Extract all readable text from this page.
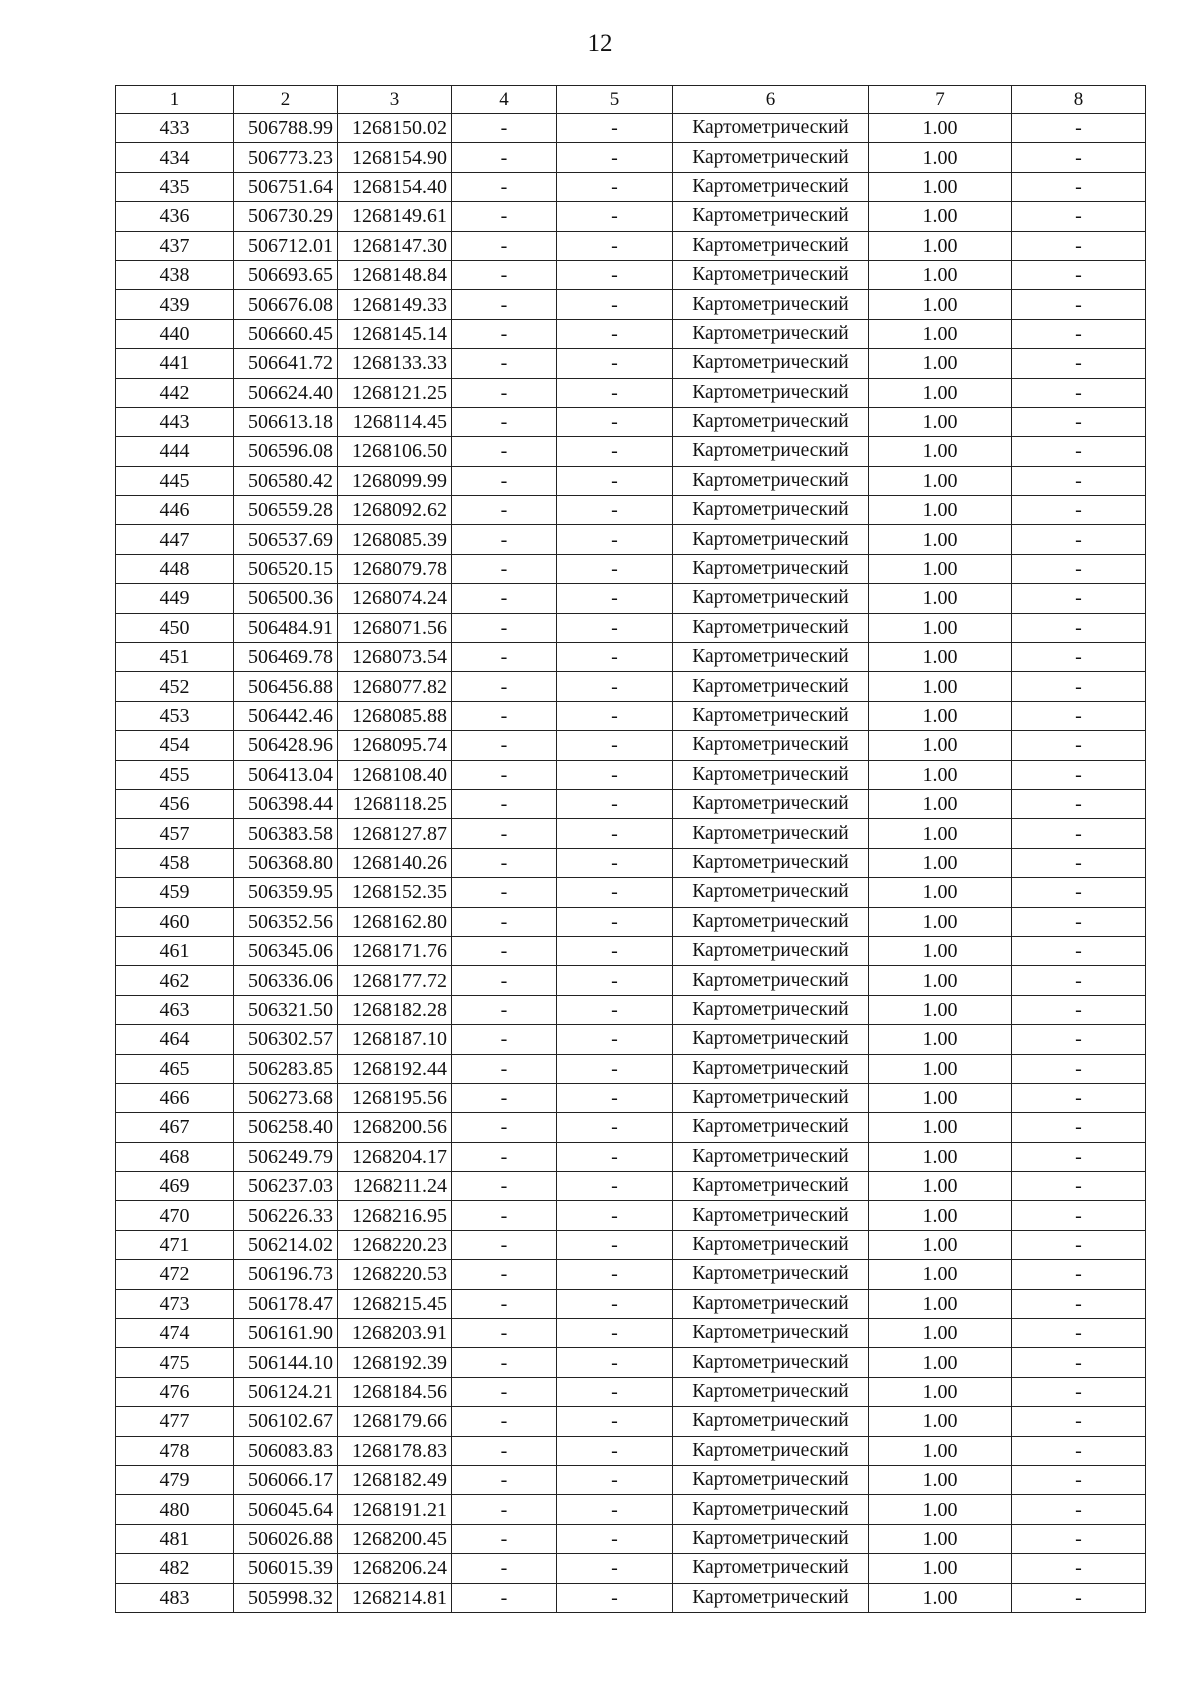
12
1	2	3	4	5	6	7	8
433	506788.99	1268150.02	-	-	Картометрический	1.00	-
434	506773.23	1268154.90	-	-	Картометрический	1.00	-
435	506751.64	1268154.40	-	-	Картометрический	1.00	-
436	506730.29	1268149.61	-	-	Картометрический	1.00	-
437	506712.01	1268147.30	-	-	Картометрический	1.00	-
438	506693.65	1268148.84	-	-	Картометрический	1.00	-
439	506676.08	1268149.33	-	-	Картометрический	1.00	-
440	506660.45	1268145.14	-	-	Картометрический	1.00	-
441	506641.72	1268133.33	-	-	Картометрический	1.00	-
442	506624.40	1268121.25	-	-	Картометрический	1.00	-
443	506613.18	1268114.45	-	-	Картометрический	1.00	-
444	506596.08	1268106.50	-	-	Картометрический	1.00	-
445	506580.42	1268099.99	-	-	Картометрический	1.00	-
446	506559.28	1268092.62	-	-	Картометрический	1.00	-
447	506537.69	1268085.39	-	-	Картометрический	1.00	-
448	506520.15	1268079.78	-	-	Картометрический	1.00	-
449	506500.36	1268074.24	-	-	Картометрический	1.00	-
450	506484.91	1268071.56	-	-	Картометрический	1.00	-
451	506469.78	1268073.54	-	-	Картометрический	1.00	-
452	506456.88	1268077.82	-	-	Картометрический	1.00	-
453	506442.46	1268085.88	-	-	Картометрический	1.00	-
454	506428.96	1268095.74	-	-	Картометрический	1.00	-
455	506413.04	1268108.40	-	-	Картометрический	1.00	-
456	506398.44	1268118.25	-	-	Картометрический	1.00	-
457	506383.58	1268127.87	-	-	Картометрический	1.00	-
458	506368.80	1268140.26	-	-	Картометрический	1.00	-
459	506359.95	1268152.35	-	-	Картометрический	1.00	-
460	506352.56	1268162.80	-	-	Картометрический	1.00	-
461	506345.06	1268171.76	-	-	Картометрический	1.00	-
462	506336.06	1268177.72	-	-	Картометрический	1.00	-
463	506321.50	1268182.28	-	-	Картометрический	1.00	-
464	506302.57	1268187.10	-	-	Картометрический	1.00	-
465	506283.85	1268192.44	-	-	Картометрический	1.00	-
466	506273.68	1268195.56	-	-	Картометрический	1.00	-
467	506258.40	1268200.56	-	-	Картометрический	1.00	-
468	506249.79	1268204.17	-	-	Картометрический	1.00	-
469	506237.03	1268211.24	-	-	Картометрический	1.00	-
470	506226.33	1268216.95	-	-	Картометрический	1.00	-
471	506214.02	1268220.23	-	-	Картометрический	1.00	-
472	506196.73	1268220.53	-	-	Картометрический	1.00	-
473	506178.47	1268215.45	-	-	Картометрический	1.00	-
474	506161.90	1268203.91	-	-	Картометрический	1.00	-
475	506144.10	1268192.39	-	-	Картометрический	1.00	-
476	506124.21	1268184.56	-	-	Картометрический	1.00	-
477	506102.67	1268179.66	-	-	Картометрический	1.00	-
478	506083.83	1268178.83	-	-	Картометрический	1.00	-
479	506066.17	1268182.49	-	-	Картометрический	1.00	-
480	506045.64	1268191.21	-	-	Картометрический	1.00	-
481	506026.88	1268200.45	-	-	Картометрический	1.00	-
482	506015.39	1268206.24	-	-	Картометрический	1.00	-
483	505998.32	1268214.81	-	-	Картометрический	1.00	-
